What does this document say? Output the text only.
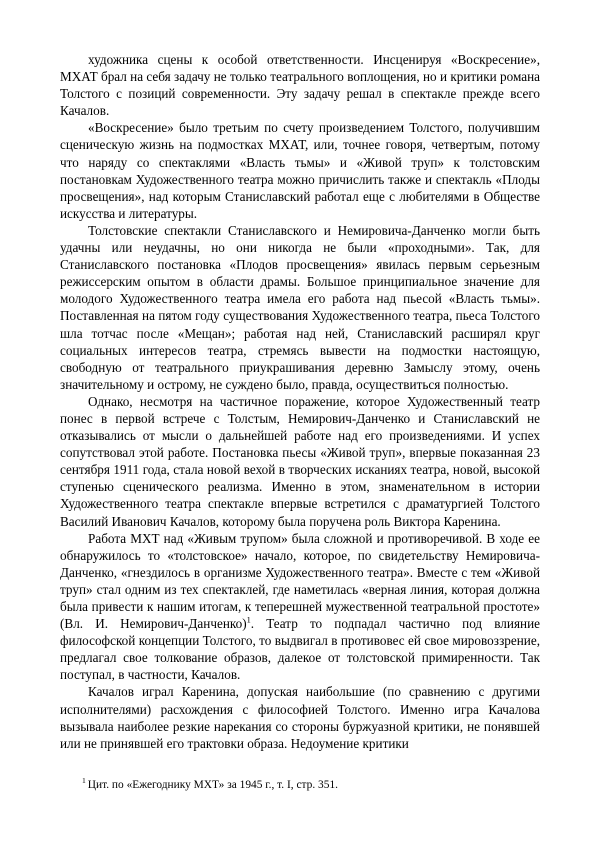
художника сцены к особой ответственности. Инсценируя «Воскресение», МХАТ брал на себя задачу не только театрального воплощения, но и критики романа Толстого с позиций современности. Эту задачу решал в спектакле прежде всего Качалов.

«Воскресение» было третьим по счету произведением Толстого, получившим сценическую жизнь на подмостках МХАТ, или, точнее говоря, четвертым, потому что наряду со спектаклями «Власть тьмы» и «Живой труп» к толстовским постановкам Художественного театра можно причислить также и спектакль «Плоды просвещения», над которым Станиславский работал еще с любителями в Обществе искусства и литературы.

Толстовские спектакли Станиславского и Немировича-Данченко могли быть удачны или неудачны, но они никогда не были «проходными». Так, для Станиславского постановка «Плодов просвещения» явилась первым серьезным режиссерским опытом в области драмы. Большое принципиальное значение для молодого Художественного театра имела его работа над пьесой «Власть тьмы». Поставленная на пятом году существования Художественного театра, пьеса Толстого шла тотчас после «Мещан»; работая над ней, Станиславский расширял круг социальных интересов театра, стремясь вывести на подмостки настоящую, свободную от театрального приукрашивания деревню Замыслу этому, очень значительному и острому, не суждено было, правда, осуществиться полностью.

Однако, несмотря на частичное поражение, которое Художественный театр понес в первой встрече с Толстым, Немирович-Данченко и Станиславский не отказывались от мысли о дальнейшей работе над его произведениями. И успех сопутствовал этой работе. Постановка пьесы «Живой труп», впервые показанная 23 сентября 1911 года, стала новой вехой в творческих исканиях театра, новой, высокой ступенью сценического реализма. Именно в этом, знаменательном в истории Художественного театра спектакле впервые встретился с драматургией Толстого Василий Иванович Качалов, которому была поручена роль Виктора Каренина.

Работа МХТ над «Живым трупом» была сложной и противоречивой. В ходе ее обнаружилось то «толстовское» начало, которое, по свидетельству Немировича-Данченко, «гнездилось в организме Художественного театра». Вместе с тем «Живой труп» стал одним из тех спектаклей, где наметилась «верная линия, которая должна была привести к нашим итогам, к теперешней мужественной театральной простоте» (Вл. И. Немирович-Данченко)$^1$. Театр то подпадал частично под влияние философской концепции Толстого, то выдвигал в противовес ей свое мировоззрение, предлагал свое толкование образов, далекое от толстовской примиренности. Так поступал, в частности, Качалов.

Качалов играл Каренина, допуская наибольшие (по сравнению с другими исполнителями) расхождения с философией Толстого. Именно игра Качалова вызывала наиболее резкие нарекания со стороны буржуазной критики, не понявшей или не принявшей его трактовки образа. Недоумение критики

$^1$ Цит. по «Ежегоднику МХТ» за 1945 г., т. I, стр. 351.
